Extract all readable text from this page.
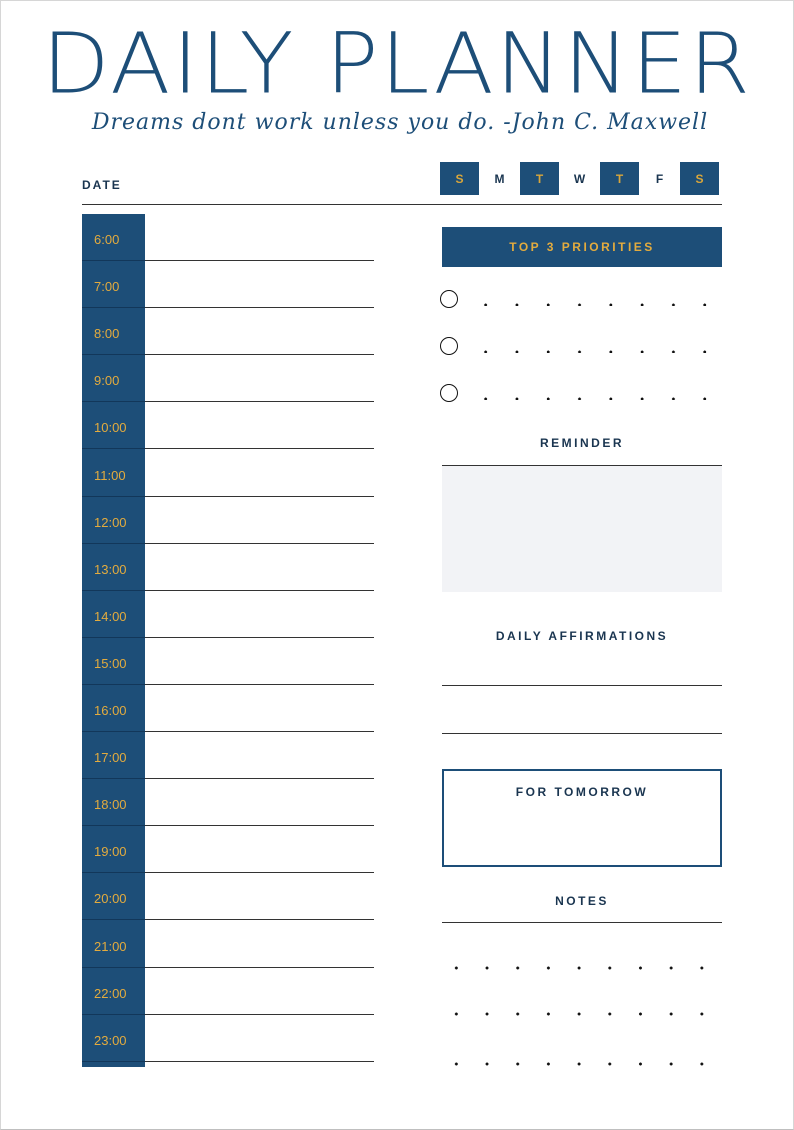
DAILY PLANNER
Dreams dont work unless you do. -John C. Maxwell
DATE	S	M	T	W	T	F	S
6:00
7:00
8:00
9:00
10:00
11:00
12:00
13:00
14:00
15:00
16:00
17:00
18:00
19:00
20:00
21:00
22:00
23:00
TOP 3 PRIORITIES
REMINDER
DAILY AFFIRMATIONS
FOR TOMORROW
NOTES
